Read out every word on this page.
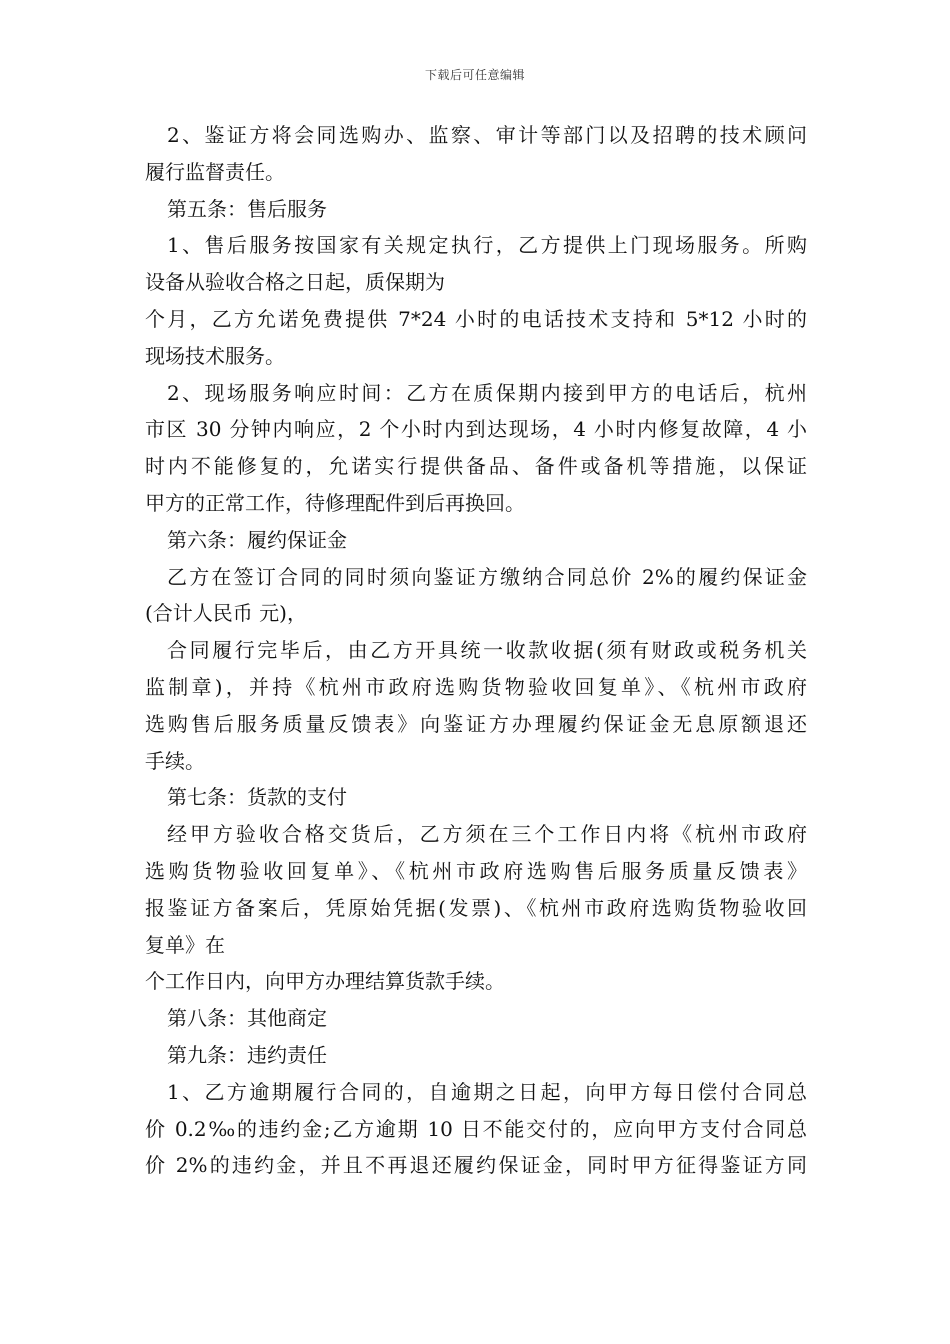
下载后可任意编辑
2、鉴证方将会同选购办、监察、审计等部门以及招聘的技术顾问
履行监督责任。
第五条：售后服务
1、售后服务按国家有关规定执行，乙方提供上门现场服务。所购
设备从验收合格之日起，质保期为
个月，乙方允诺免费提供 7*24 小时的电话技术支持和 5*12 小时的
现场技术服务。
2、现场服务响应时间：乙方在质保期内接到甲方的电话后，杭州
市区 30 分钟内响应，2 个小时内到达现场，4 小时内修复故障，4 小
时内不能修复的，允诺实行提供备品、备件或备机等措施，以保证
甲方的正常工作，待修理配件到后再换回。
第六条：履约保证金
乙方在签订合同的同时须向鉴证方缴纳合同总价 2%的履约保证金
(合计人民币 元)，
合同履行完毕后，由乙方开具统一收款收据(须有财政或税务机关
监制章)，并持《杭州市政府选购货物验收回复单》、《杭州市政府
选购售后服务质量反馈表》向鉴证方办理履约保证金无息原额退还
手续。
第七条：货款的支付
经甲方验收合格交货后，乙方须在三个工作日内将《杭州市政府
选购货物验收回复单》、《杭州市政府选购售后服务质量反馈表》
报鉴证方备案后，凭原始凭据(发票)、《杭州市政府选购货物验收回
复单》在
个工作日内，向甲方办理结算货款手续。
第八条：其他商定
第九条：违约责任
1、乙方逾期履行合同的，自逾期之日起，向甲方每日偿付合同总
价 0.2‰的违约金;乙方逾期 10 日不能交付的，应向甲方支付合同总
价 2%的违约金，并且不再退还履约保证金，同时甲方征得鉴证方同
